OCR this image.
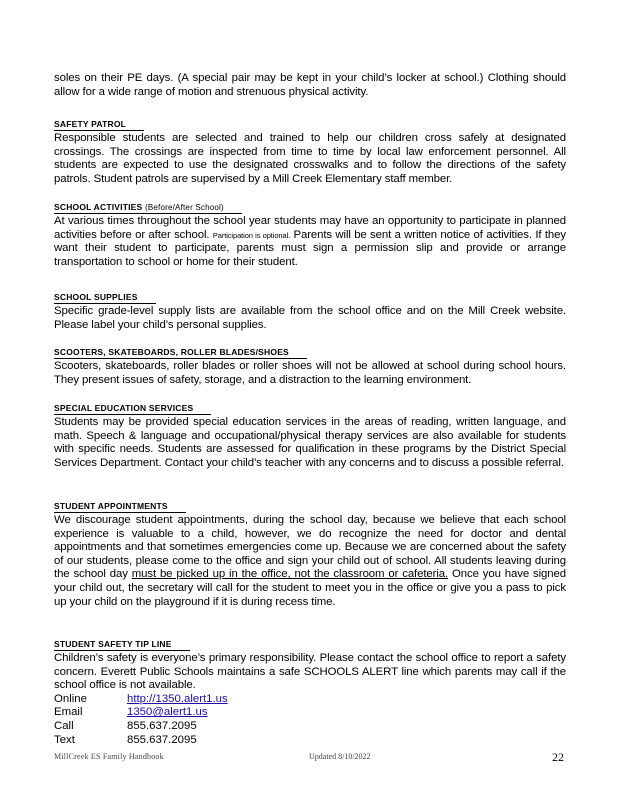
soles on their PE days. (A special pair may be kept in your child’s locker at school.) Clothing should allow for a wide range of motion and strenuous physical activity.

SAFETY PATROL

Responsible students are selected and trained to help our children cross safely at designated crossings. The crossings are inspected from time to time by local law enforcement personnel. All students are expected to use the designated crosswalks and to follow the directions of the safety patrols. Student patrols are supervised by a Mill Creek Elementary staff member.

SCHOOL ACTIVITIES (Before/After School)

At various times throughout the school year students may have an opportunity to participate in planned activities before or after school. Participation is optional. Parents will be sent a written notice of activities. If they want their student to participate, parents must sign a permission slip and provide or arrange transportation to school or home for their student.

SCHOOL SUPPLIES

Specific grade-level supply lists are available from the school office and on the Mill Creek website. Please label your child’s personal supplies.

SCOOTERS, SKATEBOARDS, ROLLER BLADES/SHOES

Scooters, skateboards, roller blades or roller shoes will not be allowed at school during school hours. They present issues of safety, storage, and a distraction to the learning environment.

SPECIAL EDUCATION SERVICES

Students may be provided special education services in the areas of reading, written language, and math. Speech & language and occupational/physical therapy services are also available for students with specific needs. Students are assessed for qualification in these programs by the District Special Services Department. Contact your child’s teacher with any concerns and to discuss a possible referral.

STUDENT APPOINTMENTS

We discourage student appointments, during the school day, because we believe that each school experience is valuable to a child, however, we do recognize the need for doctor and dental appointments and that sometimes emergencies come up. Because we are concerned about the safety of our students, please come to the office and sign your child out of school. All students leaving during the school day must be picked up in the office, not the classroom or cafeteria. Once you have signed your child out, the secretary will call for the student to meet you in the office or give you a pass to pick up your child on the playground if it is during recess time.

STUDENT SAFETY TIP LINE

Children’s safety is everyone’s primary responsibility. Please contact the school office to report a safety concern. Everett Public Schools maintains a safe SCHOOLS ALERT line which parents may call if the school office is not available.

Online	http://1350.alert1.us
Email	1350@alert1.us
Call	855.637.2095
Text	855.637.2095
MillCreek ES Family Handbook	Updated 8/10/2022	22
